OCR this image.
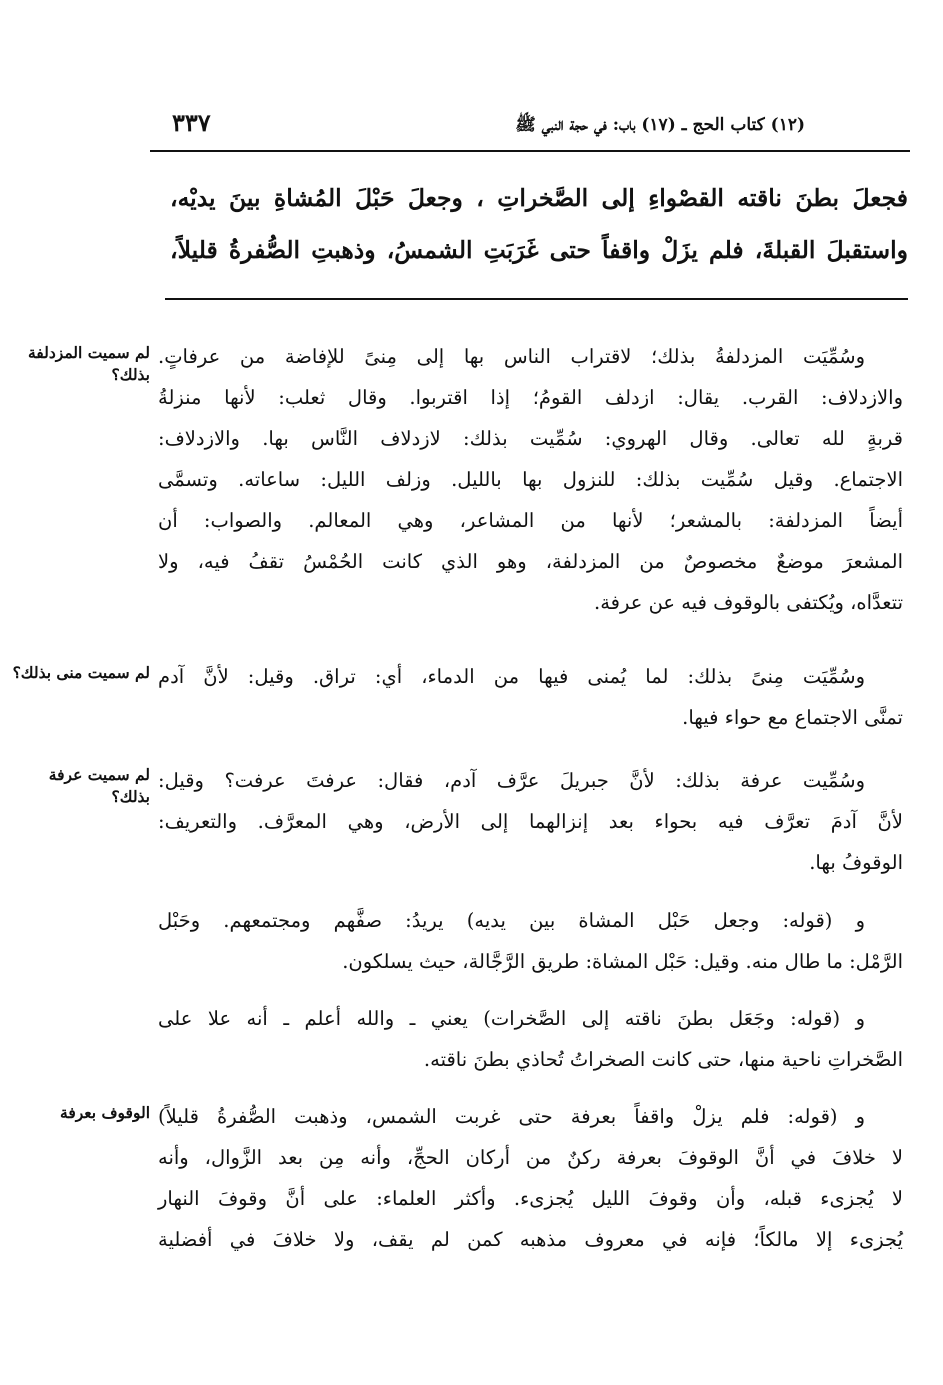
(١٢) كتاب الحج ـ (١٧) باب: في حجة النبي ﷺ
٣٣٧
فجعلَ بطنَ ناقته القصْواءِ إلى الصَّخراتِ ، وجعلَ حَبْلَ المُشاةِ بينَ يديْه،
واستقبلَ القبلةَ، فلم يزَلْ واقفاً حتى غَرَبَتِ الشمسُ، وذهبتِ الصُّفرةُ قليلاً،
وسُمِّيَت المزدلفةُ بذلك؛ لاقتراب الناس بها إلى مِنىً للإفاضة من عرفاتٍ.
والازدلاف: القرب. يقال: ازدلف القومُ؛ إذا اقتربوا. وقال ثعلب: لأنها منزلةُ
قربةٍ لله تعالى. وقال الهروي: سُمِّيت بذلك: لازدلاف النَّاس بها. والازدلاف:
الاجتماع. وقيل سُمِّيت بذلك: للنزول بها بالليل. وزلف الليل: ساعاته. وتسمَّى
أيضاً المزدلفة: بالمشعر؛ لأنها من المشاعر، وهي المعالم. والصواب: أن
المشعرَ موضعٌ مخصوصٌ من المزدلفة، وهو الذي كانت الحُمْسُ تقفُ فيه، ولا
تتعدَّاه، ويُكتفى بالوقوف فيه عن عرفة.
وسُمِّيَت مِنىً بذلك: لما يُمنى فيها من الدماء، أي: تراق. وقيل: لأنَّ آدم
تمنَّى الاجتماع مع حواء فيها.
وسُمِّيت عرفة بذلك: لأنَّ جبريلَ عرَّف آدم، فقال: عرفتَ عرفت؟ وقيل:
لأنَّ آدمَ تعرَّف فيه بحواء بعد إنزالهما إلى الأرض، وهي المعرَّف. والتعريف:
الوقوفُ بها.
و (قوله: وجعل حَبْل المشاة بين يديه) يريدُ: صفَّهم ومجتمعهم. وحَبْل
الرَّمْل: ما طال منه. وقيل: حَبْل المشاة: طريق الرَّجَّالة، حيث يسلكون.
و (قوله: وجَعَل بطنَ ناقته إلى الصَّخرات) يعني ـ والله أعلم ـ أنه علا على
الصَّخراتِ ناحية منها، حتى كانت الصخراتُ تُحاذي بطنَ ناقته.
و (قوله: فلم يزلْ واقفاً بعرفة حتى غربت الشمس، وذهبت الصُّفرةُ قليلاً)
لا خلافَ في أنَّ الوقوفَ بعرفة ركنٌ من أركان الحجِّ، وأنه مِن بعد الزَّوال، وأنه
لا يُجزىء قبله، وأن وقوفَ الليل يُجزىء. وأكثر العلماء: على أنَّ وقوفَ النهار
يُجزىء إلا مالكاً؛ فإنه في معروف مذهبه كمن لم يقف، ولا خلافَ في أفضلية
لم سميت المزدلفة بذلك؟
لم سميت منى بذلك؟
لم سميت عرفة بذلك؟
الوقوف بعرفة
